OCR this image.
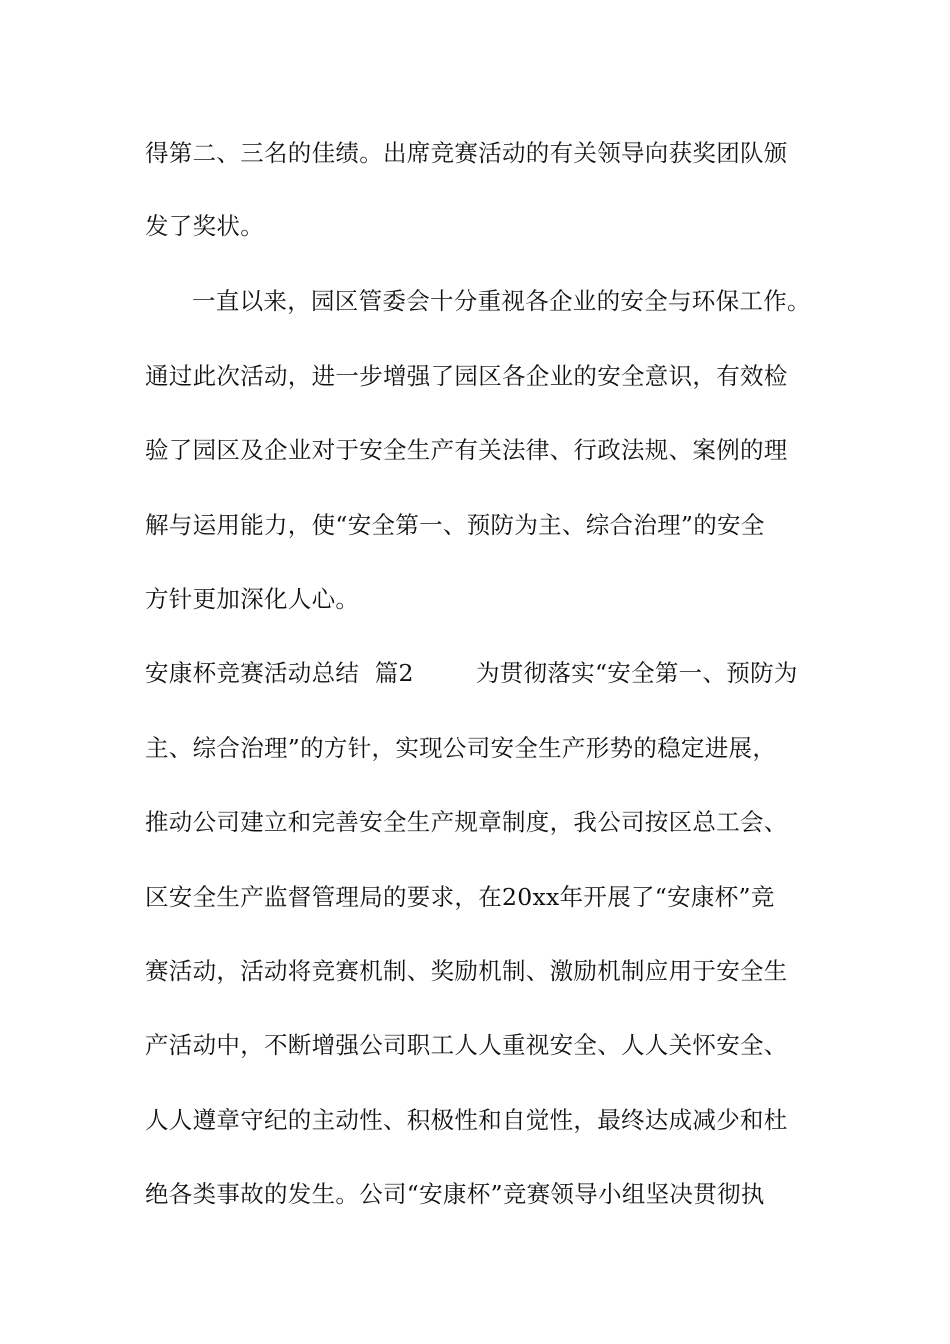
得第二、三名的佳绩。出席竞赛活动的有关领导向获奖团队颁
发了奖状。
一直以来，园区管委会十分重视各企业的安全与环保工作。
通过此次活动，进一步增强了园区各企业的安全意识，有效检
验了园区及企业对于安全生产有关法律、行政法规、案例的理
解与运用能力，使“安全第一、预防为主、综合治理”的安全
方针更加深化人心。
安康杯竞赛活动总结  篇2        为贯彻落实“安全第一、预防为
主、综合治理”的方针，实现公司安全生产形势的稳定进展，
推动公司建立和完善安全生产规章制度，我公司按区总工会、
区安全生产监督管理局的要求，在20xx年开展了“安康杯”竞
赛活动，活动将竞赛机制、奖励机制、激励机制应用于安全生
产活动中，不断增强公司职工人人重视安全、人人关怀安全、
人人遵章守纪的主动性、积极性和自觉性，最终达成减少和杜
绝各类事故的发生。公司“安康杯”竞赛领导小组坚决贯彻执
